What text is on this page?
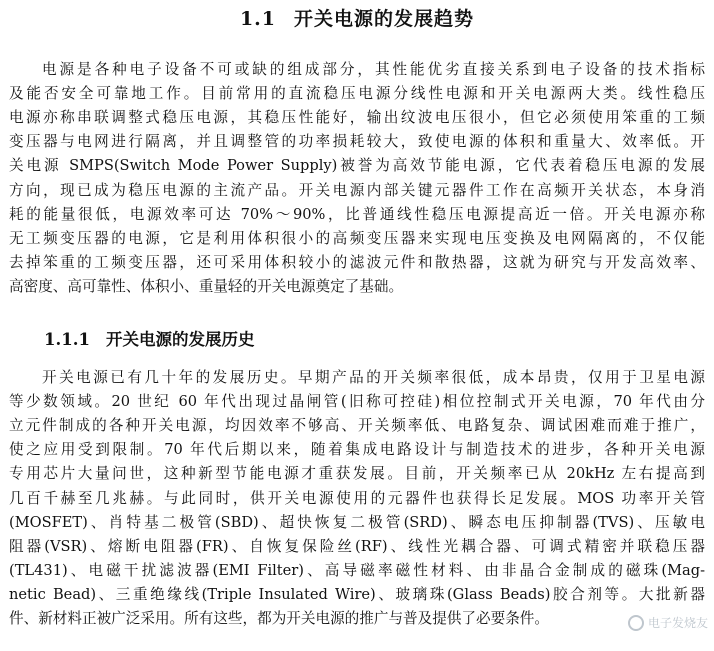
1.1 开关电源的发展趋势
电源是各种电子设备不可或缺的组成部分，其性能优劣直接关系到电子设备的技术指标
及能否安全可靠地工作。目前常用的直流稳压电源分线性电源和开关电源两大类。线性稳压
电源亦称串联调整式稳压电源，其稳压性能好，输出纹波电压很小，但它必须使用笨重的工频
变压器与电网进行隔离，并且调整管的功率损耗较大，致使电源的体积和重量大、效率低。开
关电源 SMPS(Switch Mode Power Supply)被誉为高效节能电源，它代表着稳压电源的发展
方向，现已成为稳压电源的主流产品。开关电源内部关键元器件工作在高频开关状态，本身消
耗的能量很低，电源效率可达 70%～90%，比普通线性稳压电源提高近一倍。开关电源亦称
无工频变压器的电源，它是利用体积很小的高频变压器来实现电压变换及电网隔离的，不仅能
去掉笨重的工频变压器，还可采用体积较小的滤波元件和散热器，这就为研究与开发高效率、
高密度、高可靠性、体积小、重量轻的开关电源奠定了基础。
1.1.1 开关电源的发展历史
开关电源已有几十年的发展历史。早期产品的开关频率很低，成本昂贵，仅用于卫星电源
等少数领域。20 世纪 60 年代出现过晶闸管(旧称可控硅)相位控制式开关电源，70 年代由分
立元件制成的各种开关电源，均因效率不够高、开关频率低、电路复杂、调试困难而难于推广，
使之应用受到限制。70 年代后期以来，随着集成电路设计与制造技术的进步，各种开关电源
专用芯片大量问世，这种新型节能电源才重获发展。目前，开关频率已从 20kHz 左右提高到
几百千赫至几兆赫。与此同时，供开关电源使用的元器件也获得长足发展。MOS 功率开关管
(MOSFET)、肖特基二极管(SBD)、超快恢复二极管(SRD)、瞬态电压抑制器(TVS)、压敏电
阻器(VSR)、熔断电阻器(FR)、自恢复保险丝(RF)、线性光耦合器、可调式精密并联稳压器
(TL431)、电磁干扰滤波器(EMI Filter)、高导磁率磁性材料、由非晶合金制成的磁珠(Mag-
netic Bead)、三重绝缘线(Triple Insulated Wire)、玻璃珠(Glass Beads)胶合剂等。大批新器
件、新材料正被广泛采用。所有这些，都为开关电源的推广与普及提供了必要条件。	电子发烧友
